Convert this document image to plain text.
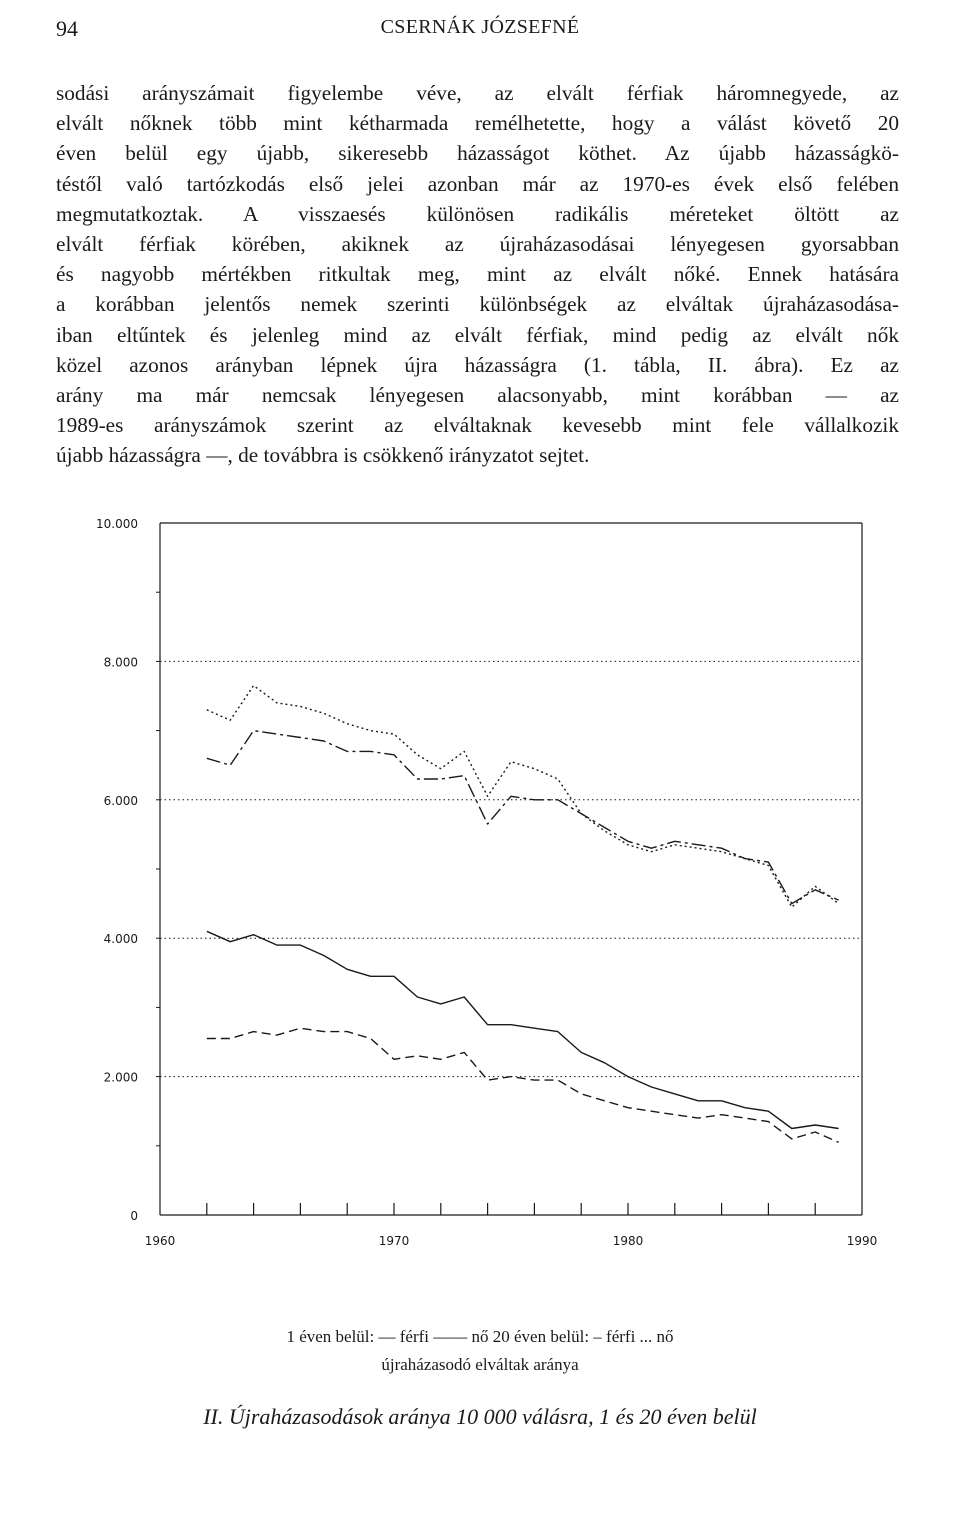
94	CSERNÁK JÓZSEFNÉ

sodási arányszámait figyelembe véve, az elvált férfiak háromnegyede, az
elvált nőknek több mint kétharmada remélhetette, hogy a válást követő 20
éven belül egy újabb, sikeresebb házasságot köthet. Az újabb házasságkö-
téstől való tartózkodás első jelei azonban már az 1970-es évek első felében
megmutatkoztak. A visszaesés különösen radikális méreteket öltött az
elvált férfiak körében, akiknek az újraházasodásai lényegesen gyorsabban
és nagyobb mértékben ritkultak meg, mint az elvált nőké. Ennek hatására
a korábban jelentős nemek szerinti különbségek az elváltak újraházasodása-
iban eltűntek és jelenleg mind az elvált férfiak, mind pedig az elvált nők
közel azonos arányban lépnek újra házasságra (1. tábla, II. ábra). Ez az
arány ma már nemcsak lényegesen alacsonyabb, mint korábban — az
1989-es arányszámok szerint az elváltaknak kevesebb mint fele vállalkozik
újabb házasságra —, de továbbra is csökkenő irányzatot sejtet.

0
2.000
4.000
6.000
8.000
10.000
1960	1970	1980	1990
1 éven belül: — férfi —— nő 20 éven belül: – férfi ... nő
újraházasodó elváltak aránya
II. Újraházasodások aránya 10 000 válásra, 1 és 20 éven belül
